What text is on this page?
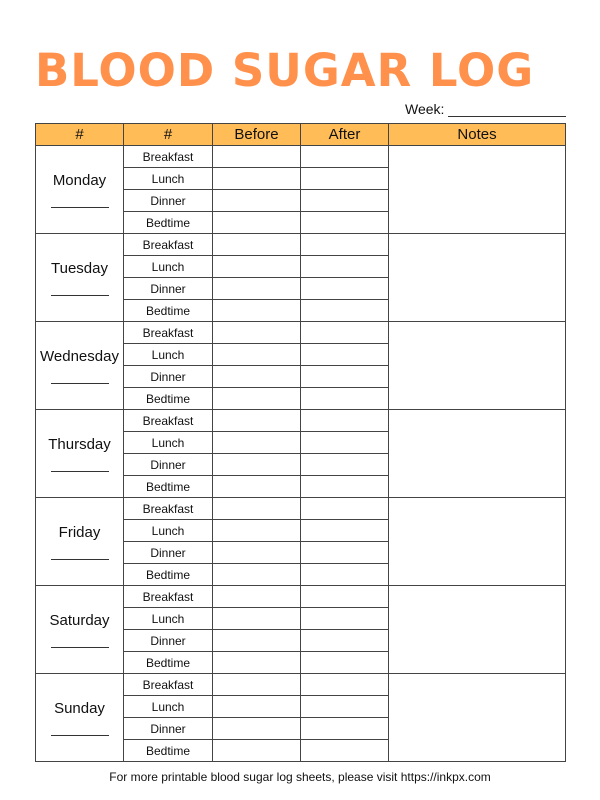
BLOOD SUGAR LOG
Week:
#	#	Before	After	Notes
Monday	Breakfast			
	Lunch			
	Dinner			
	Bedtime			
Tuesday	Breakfast			
	Lunch			
	Dinner			
	Bedtime			
Wednesday	Breakfast			
	Lunch			
	Dinner			
	Bedtime			
Thursday	Breakfast			
	Lunch			
	Dinner			
	Bedtime			
Friday	Breakfast			
	Lunch			
	Dinner			
	Bedtime			
Saturday	Breakfast			
	Lunch			
	Dinner			
	Bedtime			
Sunday	Breakfast			
	Lunch			
	Dinner			
	Bedtime			
For more printable blood sugar log sheets, please visit https://inkpx.com
